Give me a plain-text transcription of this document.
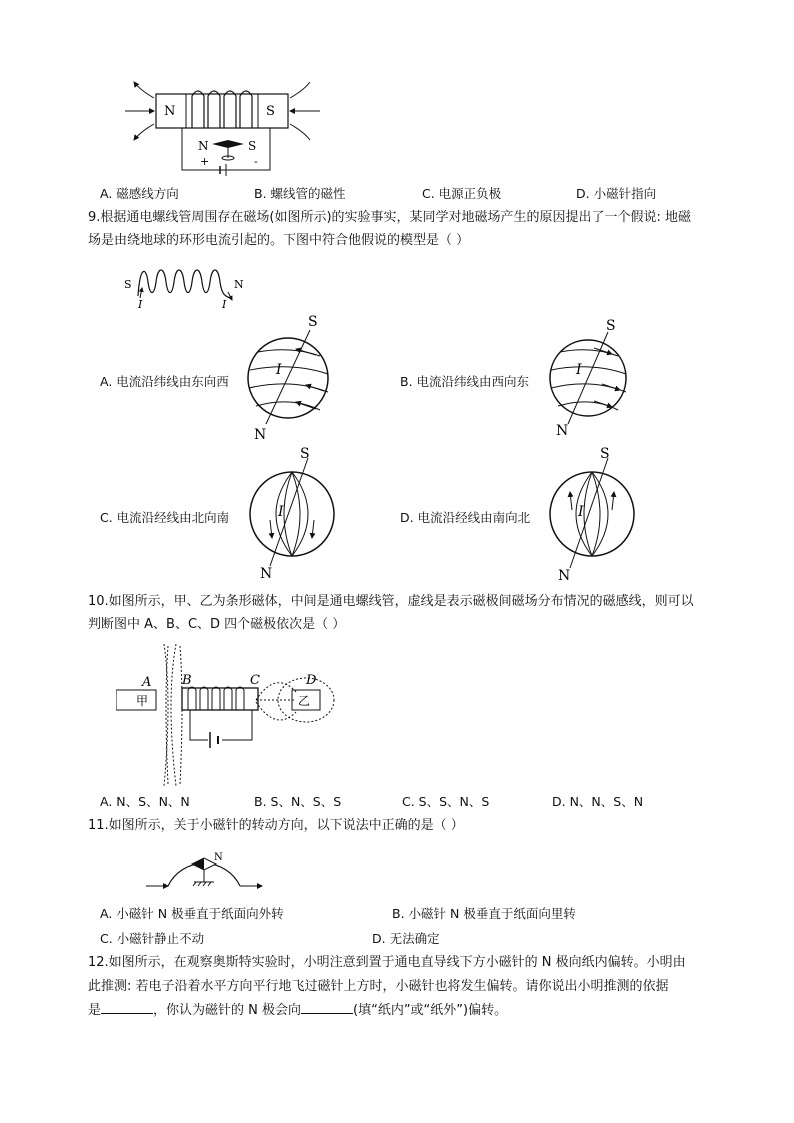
N	S
N	S
+	-
A. 磁感线方向	B. 螺线管的磁性	C. 电源正负极	D. 小磁针指向
9.根据通电螺线管周围存在磁场(如图所示)的实验事实，某同学对地磁场产生的原因提出了一个假说: 地磁
场是由绕地球的环形电流引起的。下图中符合他假说的模型是（ ）
S	N
I	I
A. 电流沿纬线由东向西
S
N
I
B. 电流沿纬线由西向东
S
N
I
C. 电流沿经线由北向南
S
N
I	D. 电流沿经线由南向北
S
N
I
10.如图所示，甲、乙为条形磁体，中间是通电螺线管，虚线是表示磁极间磁场分布情况的磁感线，则可以
判断图中 A、B、C、D 四个磁极依次是（ ）
甲	乙
A B	C	D
A. N、S、N、N	B. S、N、S、S	C. S、S、N、S	D. N、N、S、N
11.如图所示，关于小磁针的转动方向，以下说法中正确的是（ ）
N
A. 小磁针 N 极垂直于纸面向外转	B. 小磁针 N 极垂直于纸面向里转
C. 小磁针静止不动	D. 无法确定
12.如图所示，在观察奥斯特实验时，小明注意到置于通电直导线下方小磁针的 N 极向纸内偏转。小明由
此推测: 若电子沿着水平方向平行地飞过磁针上方时，小磁针也将发生偏转。请你说出小明推测的依据
是	，你认为磁针的 N 极会向	(填“纸内”或“纸外”)偏转。
